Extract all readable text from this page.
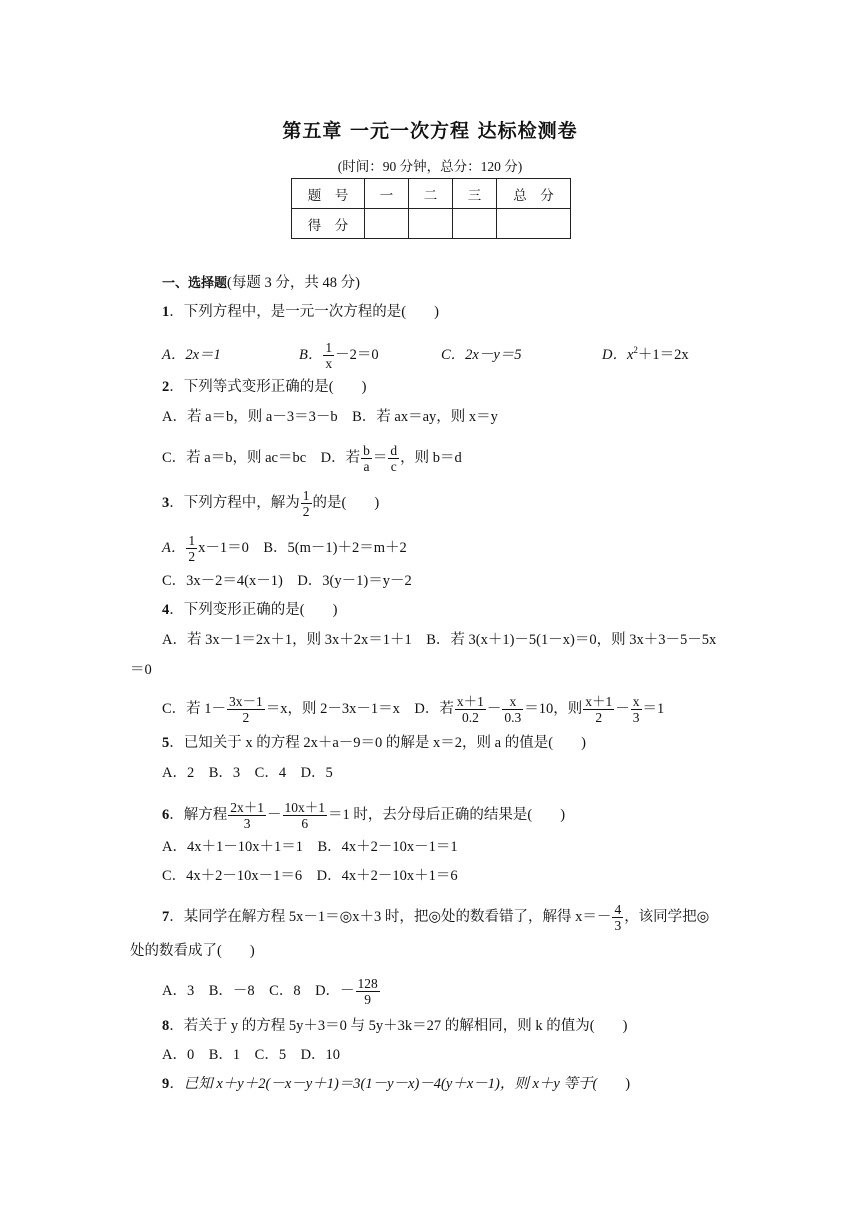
第五章 一元一次方程 达标检测卷
(时间：90 分钟，总分：120 分)
题　号	一	二	三	总　分
得　分				
一、选择题(每题 3 分，共 48 分)
1．下列方程中，是一元一次方程的是( )
A．2x＝1	B． $\frac{1}{x} -2=0$	C．2x－y＝5	D．$x^2+1=2x$
2．下列等式变形正确的是( )
A．若 a＝b，则 a－3＝3－b　B．若 ax＝ay，则 x＝y
C．若 a＝b，则 ac＝bc　D．若 $\frac{b}{a} = \frac{d}{c}$ ，则 b＝d
3．下列方程中，解为 $\frac{1}{2}$ 的是( )
A． $\frac{1}{2} x-1=0$　B．5(m－1)＋2＝m＋2
C．3x－2＝4(x－1)　D．3(y－1)＝y－2
4．下列变形正确的是( )
A．若 3x－1＝2x＋1，则 3x＋2x＝1＋1　B．若 3(x＋1)－5(1－x)＝0，则 3x＋3－5－5x
＝0
C．若 $1- \frac{3x-1}{2} =x$，则 2－3x－1＝x　D．若 $\frac{x+1}{0.2} - \frac{x}{0.3} =10$，则 $\frac{x+1}{2} - \frac{x}{3} =1$
5．已知关于 x 的方程 2x＋a－9＝0 的解是 x＝2，则 a 的值是( )
A．2　B．3　C．4　D．5
6．解方程 $\frac{2x+1}{3} - \frac{10x+1}{6} =1$ 时，去分母后正确的结果是( )
A．4x＋1－10x＋1＝1　B．4x＋2－10x－1＝1
C．4x＋2－10x－1＝6　D．4x＋2－10x＋1＝6
7．某同学在解方程 5x－1＝◎x＋3 时，把◎处的数看错了，解得 $x=- \frac{4}{3}$ ，该同学把◎
处的数看成了( )
A．3　B．－8　C．8　D．－ $\frac{128}{9}$
8．若关于 y 的方程 5y＋3＝0 与 5y＋3k＝27 的解相同，则 k 的值为( )
A．0　B．1　C．5　D．10
9．已知 x＋y＋2(－x－y＋1)＝3(1－y－x)－4(y＋x－1)，则 x＋y 等于( )
